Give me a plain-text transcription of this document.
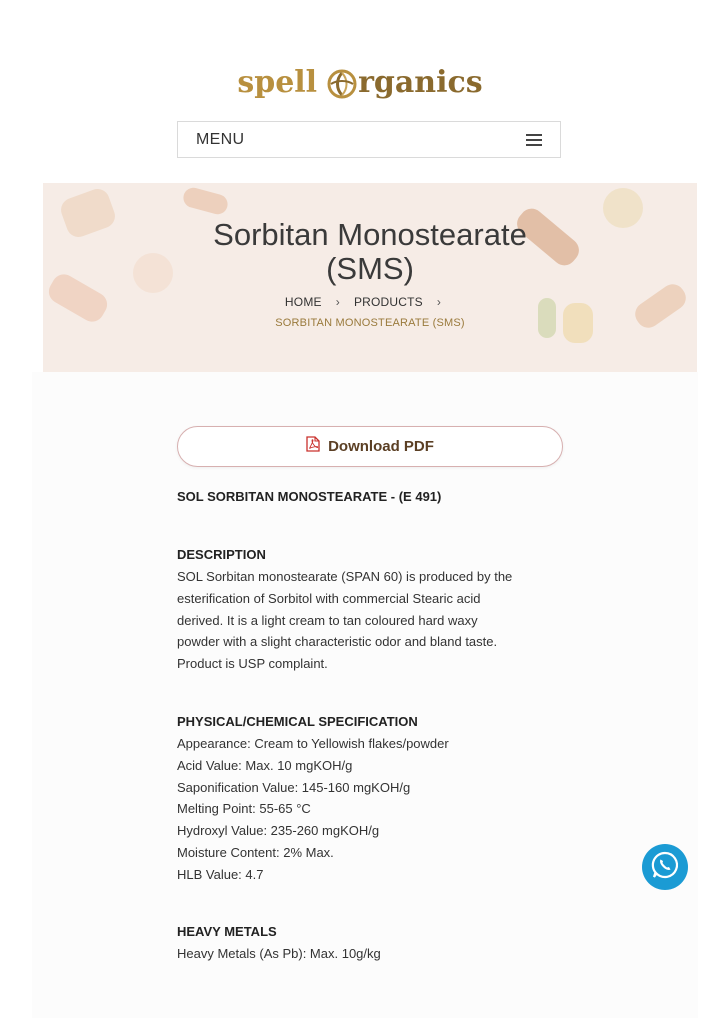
spell rganics
MENU
Sorbitan Monostearate
(SMS)
HOME › PRODUCTS ›
SORBITAN MONOSTEARATE (SMS)
Download PDF
SOL SORBITAN MONOSTEARATE - (E 491)
DESCRIPTION
SOL Sorbitan monostearate (SPAN 60) is produced by the
esterification of Sorbitol with commercial Stearic acid
derived. It is a light cream to tan coloured hard waxy
powder with a slight characteristic odor and bland taste.
Product is USP complaint.
PHYSICAL/CHEMICAL SPECIFICATION
Appearance: Cream to Yellowish flakes/powder
Acid Value: Max. 10 mgKOH/g
Saponification Value: 145-160 mgKOH/g
Melting Point: 55-65 °C
Hydroxyl Value: 235-260 mgKOH/g
Moisture Content: 2% Max.
HLB Value: 4.7
HEAVY METALS
Heavy Metals (As Pb): Max. 10g/kg
